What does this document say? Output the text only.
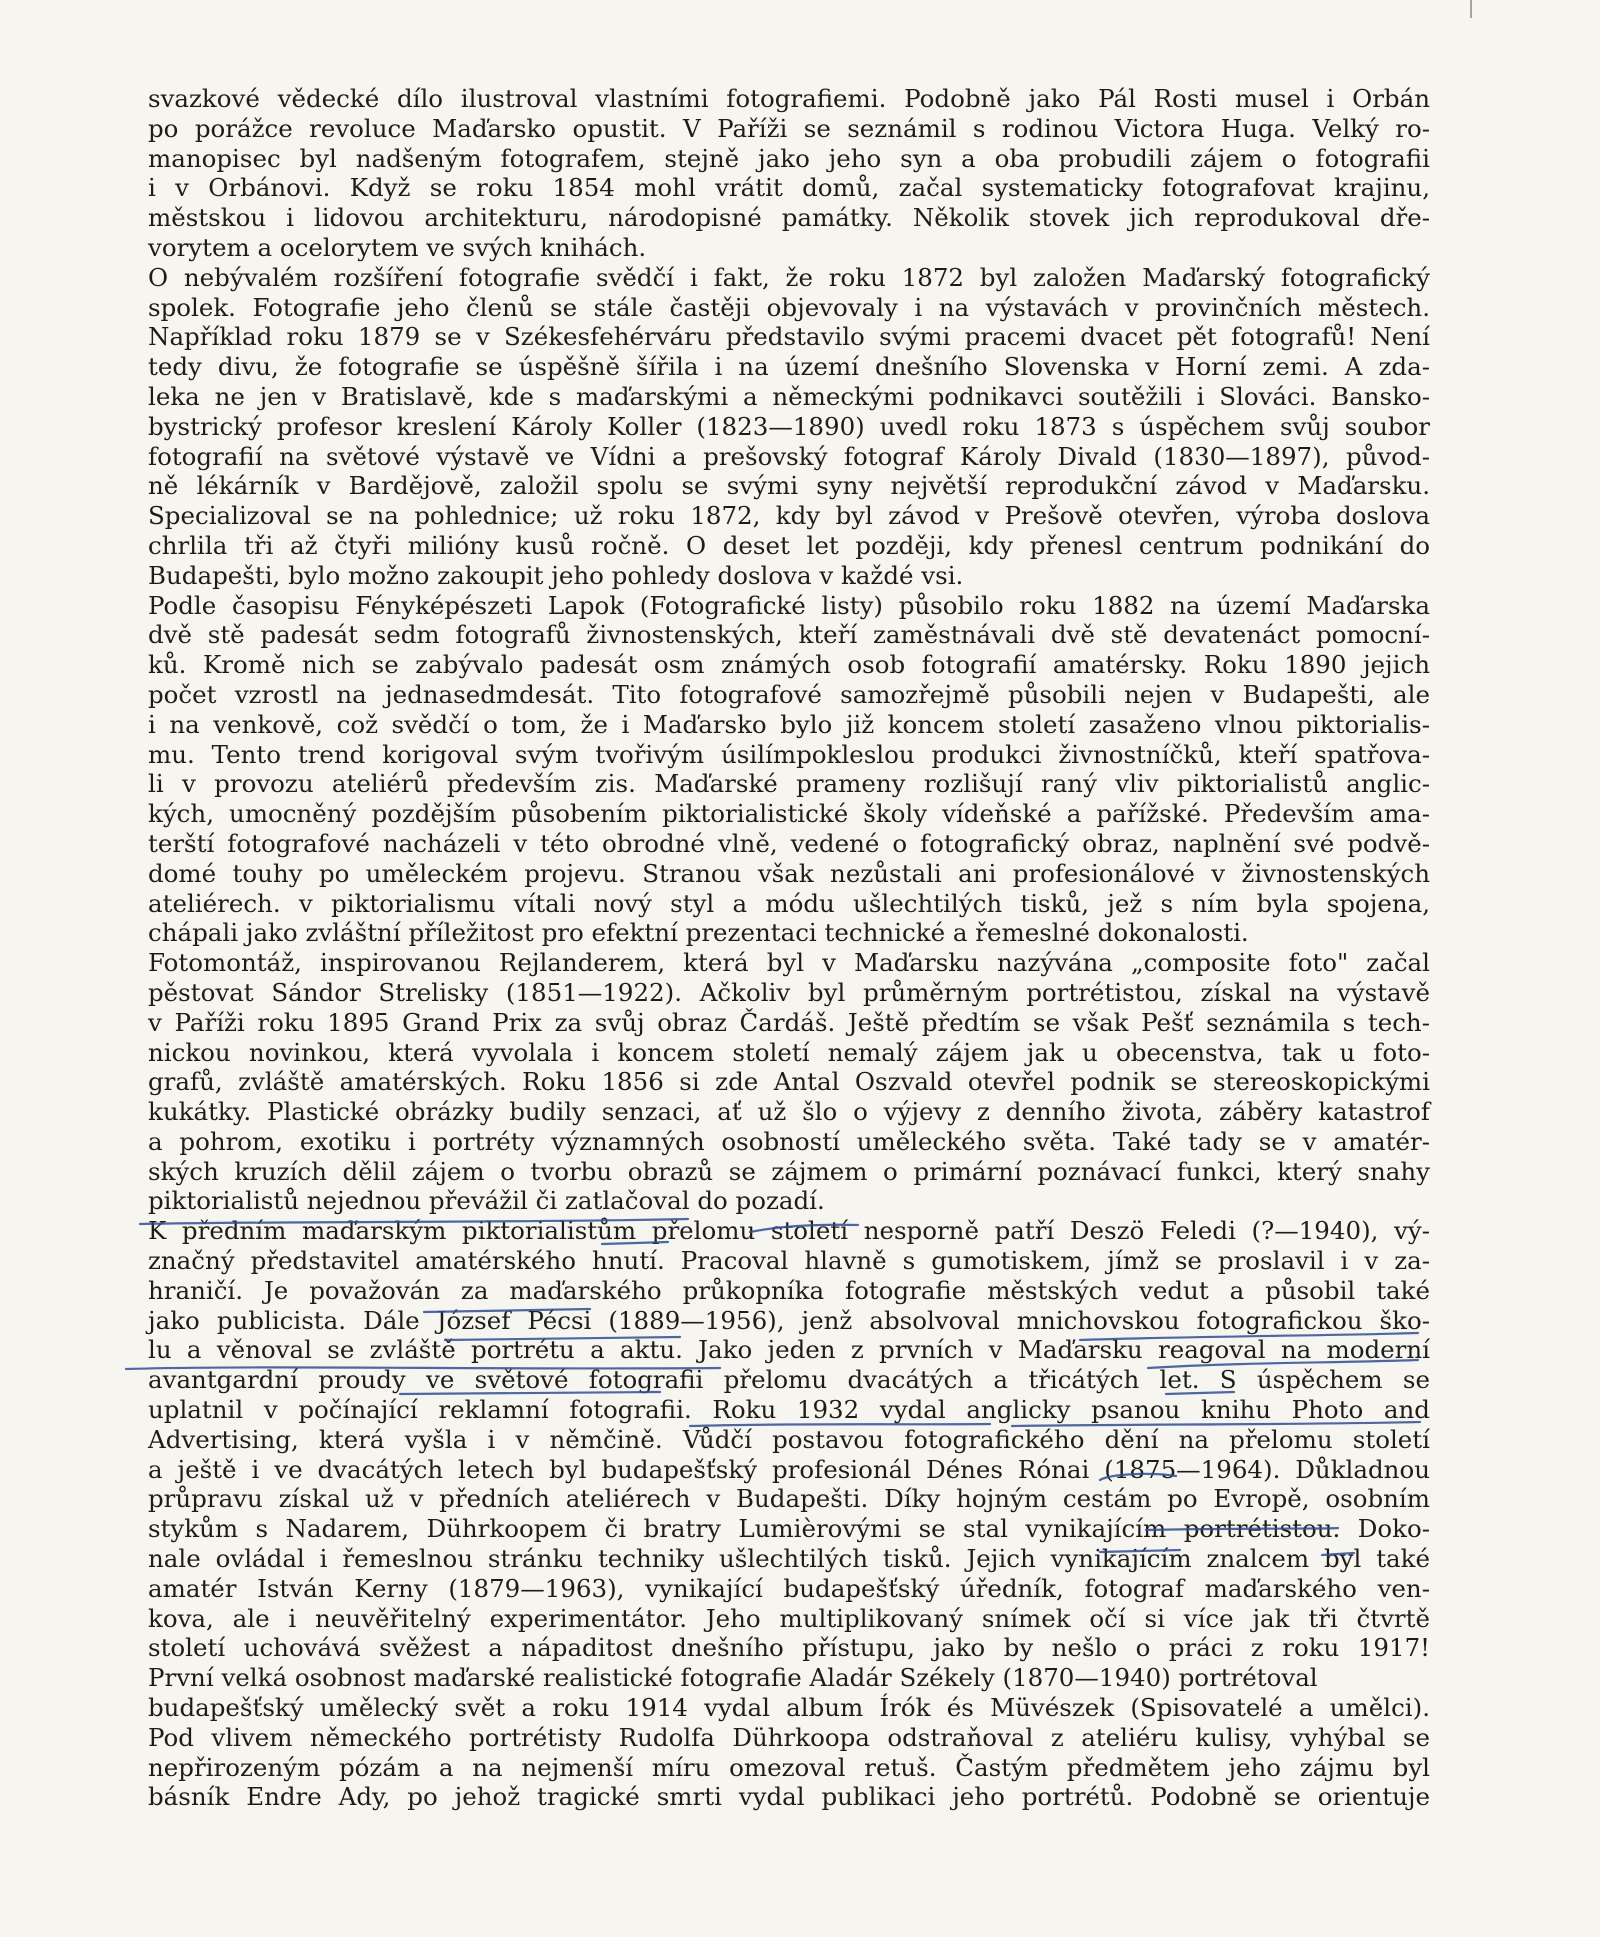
svazkové vědecké dílo ilustroval vlastními fotografiemi. Podobně jako Pál Rosti musel i Orbán
po porážce revoluce Maďarsko opustit. V Paříži se seznámil s rodinou Victora Huga. Velký ro-
manopisec byl nadšeným fotografem, stejně jako jeho syn a oba probudili zájem o fotografii
i v Orbánovi. Když se roku 1854 mohl vrátit domů, začal systematicky fotografovat krajinu,
městskou i lidovou architekturu, národopisné památky. Několik stovek jich reprodukoval dře-
vorytem a ocelorytem ve svých knihách.
O nebývalém rozšíření fotografie svědčí i fakt, že roku 1872 byl založen Maďarský fotografický
spolek. Fotografie jeho členů se stále častěji objevovaly i na výstavách v provinčních městech.
Například roku 1879 se v Székesfehérváru představilo svými pracemi dvacet pět fotografů! Není
tedy divu, že fotografie se úspěšně šířila i na území dnešního Slovenska v Horní zemi. A zda-
leka ne jen v Bratislavě, kde s maďarskými a německými podnikavci soutěžili i Slováci. Bansko-
bystrický profesor kreslení Károly Koller (1823—1890) uvedl roku 1873 s úspěchem svůj soubor
fotografií na světové výstavě ve Vídni a prešovský fotograf Károly Divald (1830—1897), původ-
ně lékárník v Bardějově, založil spolu se svými syny největší reprodukční závod v Maďarsku.
Specializoval se na pohlednice; už roku 1872, kdy byl závod v Prešově otevřen, výroba doslova
chrlila tři až čtyři milióny kusů ročně. O deset let později, kdy přenesl centrum podnikání do
Budapešti, bylo možno zakoupit jeho pohledy doslova v každé vsi.
Podle časopisu Fényképészeti Lapok (Fotografické listy) působilo roku 1882 na území Maďarska
dvě stě padesát sedm fotografů živnostenských, kteří zaměstnávali dvě stě devatenáct pomocní-
ků. Kromě nich se zabývalo padesát osm známých osob fotografií amatérsky. Roku 1890 jejich
počet vzrostl na jednasedmdesát. Tito fotografové samozřejmě působili nejen v Budapešti, ale
i na venkově, což svědčí o tom, že i Maďarsko bylo již koncem století zasaženo vlnou piktorialis-
mu. Tento trend korigoval svým tvořivým úsilímpokleslou produkci živnostníčků, kteří spatřova-
li v provozu ateliérů především zis. Maďarské prameny rozlišují raný vliv piktorialistů anglic-
kých, umocněný pozdějším působením piktorialistické školy vídeňské a pařížské. Především ama-
terští fotografové nacházeli v této obrodné vlně, vedené o fotografický obraz, naplnění své podvě-
domé touhy po uměleckém projevu. Stranou však nezůstali ani profesionálové v živnostenských
ateliérech. v piktorialismu vítali nový styl a módu ušlechtilých tisků, jež s ním byla spojena,
chápali jako zvláštní příležitost pro efektní prezentaci technické a řemeslné dokonalosti.
Fotomontáž, inspirovanou Rejlanderem, která byl v Maďarsku nazývána „composite foto" začal
pěstovat Sándor Strelisky (1851—1922). Ačkoliv byl průměrným portrétistou, získal na výstavě
v Paříži roku 1895 Grand Prix za svůj obraz Čardáš. Ještě předtím se však Pešť seznámila s tech-
nickou novinkou, která vyvolala i koncem století nemalý zájem jak u obecenstva, tak u foto-
grafů, zvláště amatérských. Roku 1856 si zde Antal Oszvald otevřel podnik se stereoskopickými
kukátky. Plastické obrázky budily senzaci, ať už šlo o výjevy z denního života, záběry katastrof
a pohrom, exotiku i portréty významných osobností uměleckého světa. Také tady se v amatér-
ských kruzích dělil zájem o tvorbu obrazů se zájmem o primární poznávací funkci, který snahy
piktorialistů nejednou převážil či zatlačoval do pozadí.
K předním maďarským piktorialistům přelomu století nesporně patří Deszö Feledi (?—1940), vý-
značný představitel amatérského hnutí. Pracoval hlavně s gumotiskem, jímž se proslavil i v za-
hraničí. Je považován za maďarského průkopníka fotografie městských vedut a působil také
jako publicista. Dále József Pécsi (1889—1956), jenž absolvoval mnichovskou fotografickou ško-
lu a věnoval se zvláště portrétu a aktu. Jako jeden z prvních v Maďarsku reagoval na moderní
avantgardní proudy ve světové fotografii přelomu dvacátých a třicátých let. S úspěchem se
uplatnil v počínající reklamní fotografii. Roku 1932 vydal anglicky psanou knihu Photo and
Advertising, která vyšla i v němčině. Vůdčí postavou fotografického dění na přelomu století
a ještě i ve dvacátých letech byl budapešťský profesionál Dénes Rónai (1875—1964). Důkladnou
průpravu získal už v předních ateliérech v Budapešti. Díky hojným cestám po Evropě, osobním
stykům s Nadarem, Dührkoopem či bratry Lumièrovými se stal vynikajícím portrétistou. Doko-
nale ovládal i řemeslnou stránku techniky ušlechtilých tisků. Jejich vynikajícím znalcem byl také
amatér István Kerny (1879—1963), vynikající budapešťský úředník, fotograf maďarského ven-
kova, ale i neuvěřitelný experimentátor. Jeho multiplikovaný snímek očí si více jak tři čtvrtě
století uchovává svěžest a nápaditost dnešního přístupu, jako by nešlo o práci z roku 1917!
První velká osobnost maďarské realistické fotografie Aladár Székely (1870—1940) portrétoval
budapešťský umělecký svět a roku 1914 vydal album Írók és Müvészek (Spisovatelé a umělci).
Pod vlivem německého portrétisty Rudolfa Dührkoopa odstraňoval z ateliéru kulisy, vyhýbal se
nepřirozeným pózám a na nejmenší míru omezoval retuš. Častým předmětem jeho zájmu byl
básník Endre Ady, po jehož tragické smrti vydal publikaci jeho portrétů. Podobně se orientuje
